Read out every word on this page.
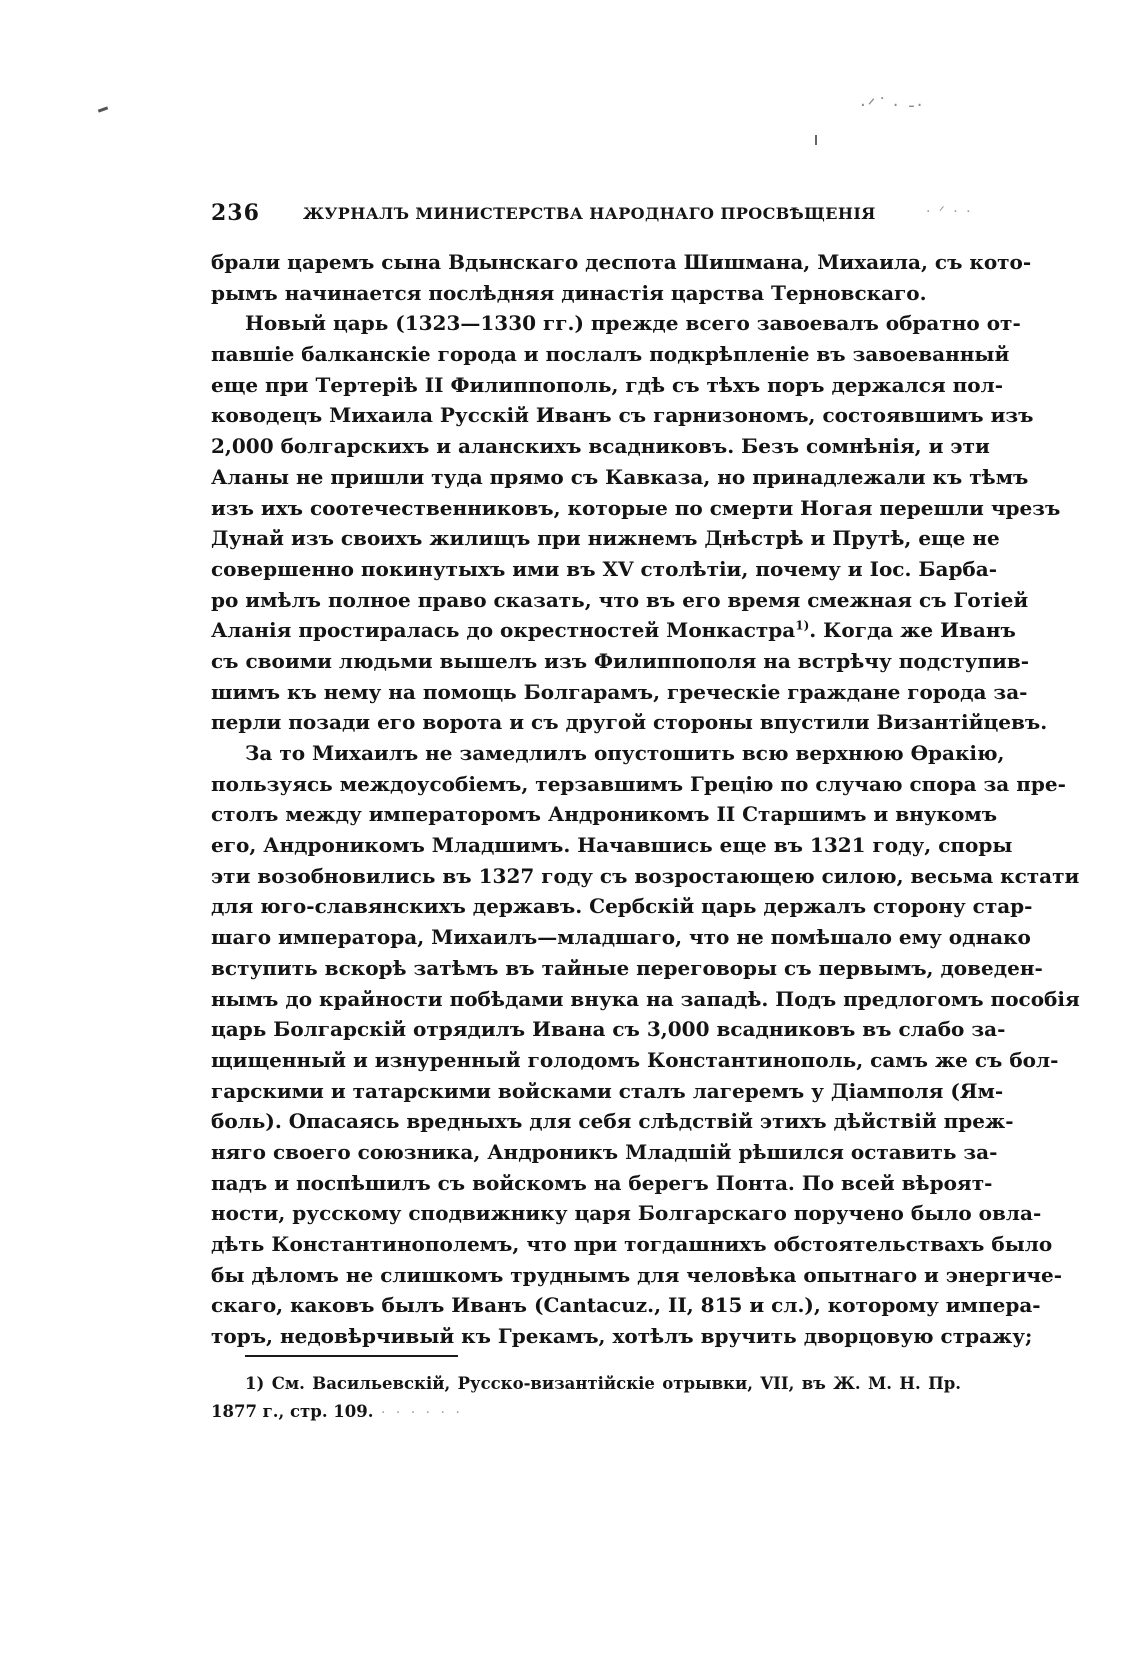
·ᐟ ͘ · -·
236	ЖУРНАЛЪ МИНИСТЕРСТВА НАРОДНАГО ПРОСВѢЩЕНІЯ	· ᐟ · ·
брали царемъ сына Вдынскаго деспота Шишмана, Михаила, съ кото-
рымъ начинается послѣдняя династія царства Терновскаго.
Новый царь (1323—1330 гг.) прежде всего завоевалъ обратно от-
павшіе балканскіе города и послалъ подкрѣпленіе въ завоеванный
еще при Тертерiѣ II Филиппополь, гдѣ съ тѣхъ поръ держался пол-
ководецъ Михаила Русскій Иванъ съ гарнизономъ, состоявшимъ изъ
2,000 болгарскихъ и аланскихъ всадниковъ. Безъ сомнѣнія, и эти
Аланы не пришли туда прямо съ Кавказа, но принадлежали къ тѣмъ
изъ ихъ соотечественниковъ, которые по смерти Ногая перешли чрезъ
Дунай изъ своихъ жилищъ при нижнемъ Днѣстрѣ и Прутѣ, еще не
совершенно покинутыхъ ими въ XV столѣтіи, почему и Іос. Барба-
ро имѣлъ полное право сказать, что въ его время смежная съ Готіей
Аланія простиралась до окрестностей Монкастра$^{1)}$. Когда же Иванъ
съ своими людьми вышелъ изъ Филиппополя на встрѣчу подступив-
шимъ къ нему на помощь Болгарамъ, греческіе граждане города за-
перли позади его ворота и съ другой стороны впустили Византійцевъ.
За то Михаилъ не замедлилъ опустошить всю верхнюю Ѳракію,
пользуясь междоусобіемъ, терзавшимъ Грецію по случаю спора за пре-
столъ между императоромъ Андроникомъ II Старшимъ и внукомъ
его, Андроникомъ Младшимъ. Начавшись еще въ 1321 году, споры
эти возобновились въ 1327 году съ возростающею силою, весьма кстати
для юго-славянскихъ державъ. Сербскій царь держалъ сторону стар-
шаго императора, Михаилъ—младшаго, что не помѣшало ему однако
вступить вскорѣ затѣмъ въ тайные переговоры съ первымъ, доведен-
нымъ до крайности побѣдами внука на западѣ. Подъ предлогомъ пособія
царь Болгарскій отрядилъ Ивана съ 3,000 всадниковъ въ слабо за-
щищенный и изнуренный голодомъ Константинополь, самъ же съ бол-
гарскими и татарскими войсками сталъ лагеремъ у Діамполя (Ям-
боль). Опасаясь вредныхъ для себя слѣдствій этихъ дѣйствій преж-
няго своего союзника, Андроникъ Младшій рѣшился оставить за-
падъ и поспѣшилъ съ войскомъ на берегъ Понта. По всей вѣроят-
ности, русскому сподвижнику царя Болгарскаго поручено было овла-
дѣть Константинополемъ, что при тогдашнихъ обстоятельствахъ было
бы дѣломъ не слишкомъ труднымъ для человѣка опытнаго и энергиче-
скаго, каковъ былъ Иванъ (Cantacuz., II, 815 и сл.), которому импера-
торъ, недовѣрчивый къ Грекамъ, хотѣлъ вручить дворцовую стражу;
1) См. Васильевскій, Русско-византійскіе отрывки, VII, въ Ж. М. Н. Пр.
1877 г., стр. 109. · · · · · ·
